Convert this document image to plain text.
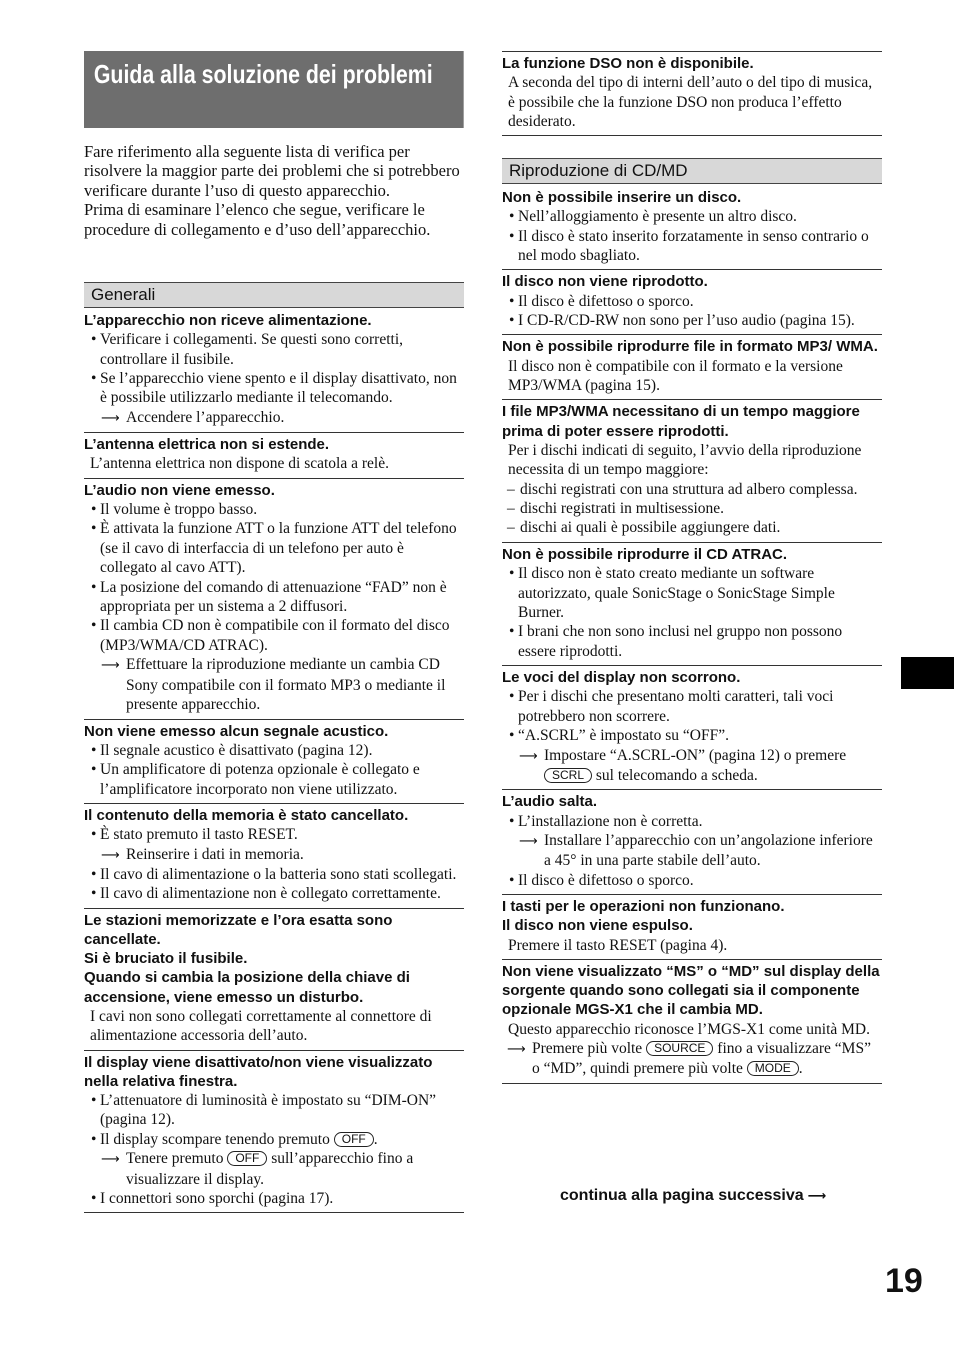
Guida alla soluzione dei problemi

Fare riferimento alla seguente lista di verifica per risolvere la maggior parte dei problemi che si potrebbero verificare durante l’uso di questo apparecchio.

Prima di esaminare l’elenco che segue, verificare le procedure di collegamento e d’uso dell’apparecchio.

Generali

L’apparecchio non riceve alimentazione.

• Verificare i collegamenti. Se questi sono corretti, controllare il fusibile.

• Se l’apparecchio viene spento e il display disattivato, non è possibile utilizzarlo mediante il telecomando.

⟶ Accendere l’apparecchio.

L’antenna elettrica non si estende.

L’antenna elettrica non dispone di scatola a relè.

L’audio non viene emesso.

• Il volume è troppo basso.

• È attivata la funzione ATT o la funzione ATT del telefono (se il cavo di interfaccia di un telefono per auto è collegato al cavo ATT).

• La posizione del comando di attenuazione “FAD” non è appropriata per un sistema a 2 diffusori.

• Il cambia CD non è compatibile con il formato del disco (MP3/WMA/CD ATRAC).

⟶ Effettuare la riproduzione mediante un cambia CD Sony compatibile con il formato MP3 o mediante il presente apparecchio.

Non viene emesso alcun segnale acustico.

• Il segnale acustico è disattivato (pagina 12).

• Un amplificatore di potenza opzionale è collegato e l’amplificatore incorporato non viene utilizzato.

Il contenuto della memoria è stato cancellato.

• È stato premuto il tasto RESET.

⟶ Reinserire i dati in memoria.

• Il cavo di alimentazione o la batteria sono stati scollegati.

• Il cavo di alimentazione non è collegato correttamente.

Le stazioni memorizzate e l’ora esatta sono cancellate.

Si è bruciato il fusibile.

Quando si cambia la posizione della chiave di accensione, viene emesso un disturbo.

I cavi non sono collegati correttamente al connettore di alimentazione accessoria dell’auto.

Il display viene disattivato/non viene visualizzato nella relativa finestra.

• L’attenuatore di luminosità è impostato su “DIM-ON” (pagina 12).

• Il display scompare tenendo premuto OFF .

⟶ Tenere premuto OFF sull’apparecchio fino a visualizzare il display.

• I connettori sono sporchi (pagina 17).

La funzione DSO non è disponibile.

A seconda del tipo di interni dell’auto o del tipo di musica, è possibile che la funzione DSO non produca l’effetto desiderato.

Riproduzione di CD/MD

Non è possibile inserire un disco.

• Nell’alloggiamento è presente un altro disco.

• Il disco è stato inserito forzatamente in senso contrario o nel modo sbagliato.

Il disco non viene riprodotto.

• Il disco è difettoso o sporco.

• I CD-R/CD-RW non sono per l’uso audio (pagina 15).

Non è possibile riprodurre file in formato MP3/ WMA.

Il disco non è compatibile con il formato e la versione MP3/WMA (pagina 15).

I file MP3/WMA necessitano di un tempo maggiore prima di poter essere riprodotti.

Per i dischi indicati di seguito, l’avvio della riproduzione necessita di un tempo maggiore:

– dischi registrati con una struttura ad albero complessa.

– dischi registrati in multisessione.

– dischi ai quali è possibile aggiungere dati.

Non è possibile riprodurre il CD ATRAC.

• Il disco non è stato creato mediante un software autorizzato, quale SonicStage o SonicStage Simple Burner.

• I brani che non sono inclusi nel gruppo non possono essere riprodotti.

Le voci del display non scorrono.

• Per i dischi che presentano molti caratteri, tali voci potrebbero non scorrere.

• “A.SCRL” è impostato su “OFF”.

⟶ Impostare “A.SCRL-ON” (pagina 12) o premere SCRL sul telecomando a scheda.

L’audio salta.

• L’installazione non è corretta.

⟶ Installare l’apparecchio con un’angolazione inferiore a 45° in una parte stabile dell’auto.

• Il disco è difettoso o sporco.

I tasti per le operazioni non funzionano.

Il disco non viene espulso.

Premere il tasto RESET (pagina 4).

Non viene visualizzato “MS” o “MD” sul display della sorgente quando sono collegati sia il componente opzionale MGS-X1 che il cambia MD.

Questo apparecchio riconosce l’MGS-X1 come unità MD.

⟶ Premere più volte SOURCE fino a visualizzare “MS” o “MD”, quindi premere più volte MODE .

continua alla pagina successiva ⟶
19
